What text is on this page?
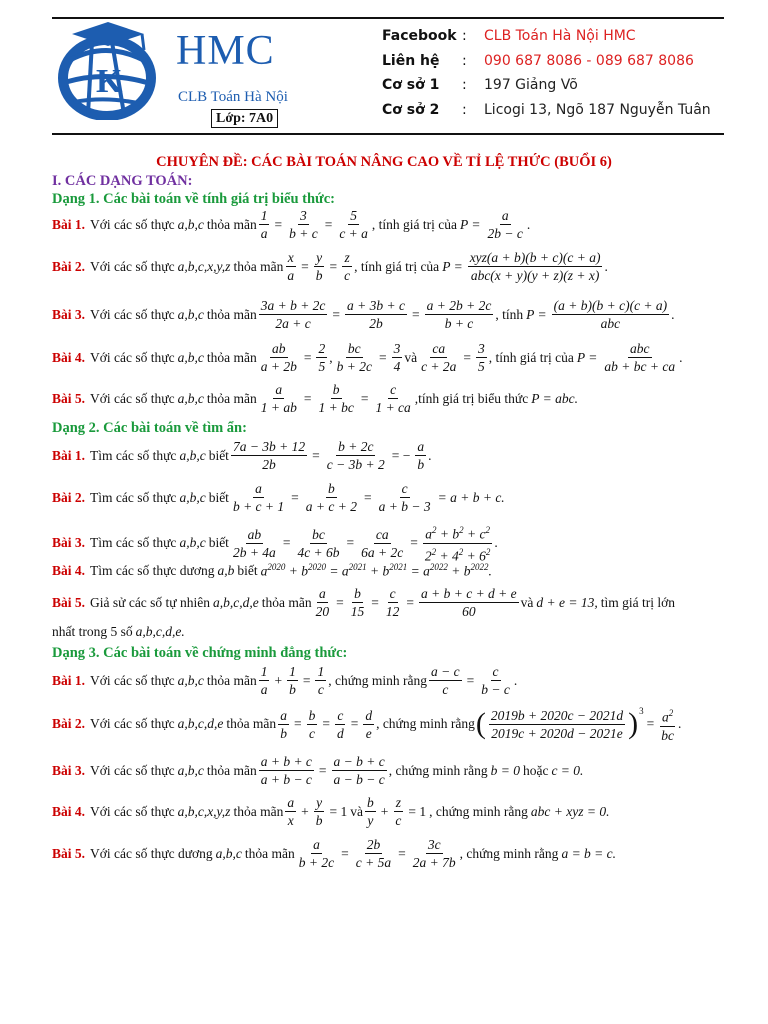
K
HMC
CLB Toán Hà Nội
Lớp: 7A0
Facebook :	CLB Toán Hà Nội HMC
Liên hệ	:	090 687 8086 - 089 687 8086
Cơ sở 1	:	197 Giảng Võ
Cơ sở 2	:	Licogi 13, Ngõ 187 Nguyễn Tuân
CHUYÊN ĐỀ: CÁC BÀI TOÁN NÂNG CAO VỀ TỈ LỆ THỨC (BUỔI 6)
I. CÁC DẠNG TOÁN:
Dạng 1. Các bài toán về tính giá trị biểu thức:
Bài 1. Với các số thực a,b,c thỏa mãn $\frac{1}{a} = \frac{3}{b + c} = \frac{5}{c + a}$ , tính giá trị của $P = \frac{a}{2b - c}$ .
Bài 2. Với các số thực a,b,c,x,y,z thỏa mãn $\frac{x}{a} = \frac{y}{b} = \frac{z}{c}$ , tính giá trị của P =
xyz(a + b)(b + c)(c + a)
abc(x + y)(y + z)(z + x)
.
Bài 3. Với các số thực a,b,c thỏa mãn $\frac{3a + b + 2c}{2a + c} = \frac{a + 3b + c}{2b} = \frac{a + 2b + 2c}{b + c}$ , tính P =
(a + b)(b + c)(c + a)
abc
.
Bài 4. Với các số thực a,b,c thỏa mãn $\frac{ab}{a + 2b} = \frac{2}{5}$ , $\frac{bc}{b + 2c} = \frac{3}{4}$ và $\frac{ca}{c + 2a} = \frac{3}{5}$ , tính giá trị của P =
abc
ab + bc + ca
.
Bài 5. Với các số thực a,b,c thỏa mãn $\frac{a}{1 + ab} = \frac{b}{1 + bc} = \frac{c}{1 + ca}$ ,tính giá trị biểu thức P = abc.
Dạng 2. Các bài toán về tìm ẩn:
Bài 1. Tìm các số thực a,b,c biết $\frac{7a - 3b + 12}{2b} = \frac{b + 2c}{c - 3b + 2}$ = − $\frac{a}{b}$ .
Bài 2. Tìm các số thực a,b,c biết $\frac{a}{b + c + 1} = \frac{b}{a + c + 2} = \frac{c}{a + b - 3} = a + b + c$.
Bài 3. Tìm các số thực a,b,c biết $\frac{ab}{2b + 4a} = \frac{bc}{4c + 6b} = \frac{ca}{6a + 2c} = \frac{a^2 + b^2 + c^2}{2^2 + 4^2 + 6^2}$ .
Bài 4. Tìm các số thực dương a,b biết $a^{2020} + b^{2020} = a^{2021} + b^{2021} = a^{2022} + b^{2022}$.
Bài 5. Giả sử các số tự nhiên a,b,c,d,e thỏa mãn $\frac{a}{20} = \frac{b}{15} = \frac{c}{12} = \frac{a + b + c + d + e}{60}$ và d + e = 13, tìm giá trị lớn
nhất trong 5 số a,b,c,d,e.
Dạng 3. Các bài toán về chứng minh đẳng thức:
Bài 1. Với các số thực a,b,c thỏa mãn
1
a
+ $\frac{1}{b} = \frac{1}{c}$ , chứng minh rằng $\frac{a - c}{c} = \frac{c}{b - c}$ .
Bài 2. Với các số thực a,b,c,d,e thỏa mãn $\frac{a}{b} = \frac{b}{c} = \frac{c}{d} = \frac{d}{e}$ , chứng minh rằng ( 2019b + 2020c − 2021d
2019c + 2020d − 2021e ) 3
= $\frac{a^2}{bc}$ .
Bài 3. Với các số thực a,b,c thỏa mãn $\frac{a + b + c}{a + b - c} = \frac{a - b + c}{a - b - c}$ , chứng minh rằng b = 0 hoặc c = 0.
Bài 4. Với các số thực a,b,c,x,y,z thỏa mãn
a
x
+ $\frac{y}{b} = 1$ và
b
y
+ $\frac{z}{c} = 1$ , chứng minh rằng abc + xyz = 0.
Bài 5. Với các số thực dương a,b,c thỏa mãn $\frac{a}{b + 2c} = \frac{2b}{c + 5a} = \frac{3c}{2a + 7b}$ , chứng minh rằng a = b = c.
